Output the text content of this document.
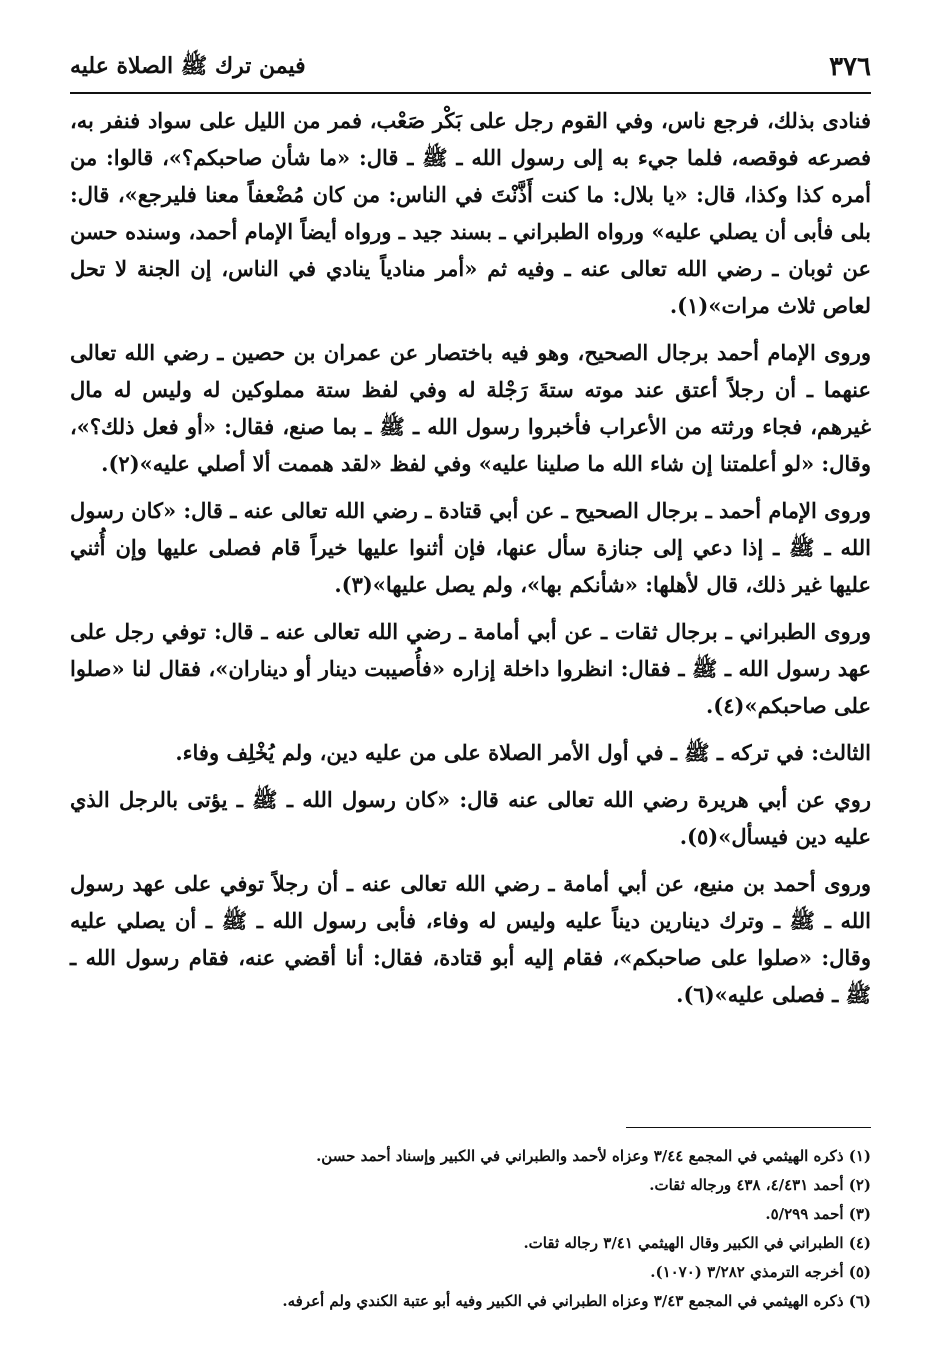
٣٧٦
فيمن ترك ﷺ الصلاة عليه

فنادى بذلك، فرجع ناس، وفي القوم رجل على بَكْر صَعْب، فمر من الليل على سواد فنفر به، فصرعه فوقصه، فلما جيء به إلى رسول الله ـ ﷺ ـ قال: «ما شأن صاحبكم؟»، قالوا: من أمره كذا وكذا، قال: «يا بلال: ما كنت أَذَّنْتَ في الناس: من كان مُضْعفاً معنا فليرجع»، قال: بلى فأبى أن يصلي عليه» ورواه الطبراني ـ بسند جيد ـ ورواه أيضاً الإمام أحمد، وسنده حسن عن ثوبان ـ رضي الله تعالى عنه ـ وفيه ثم «أمر منادياً ينادي في الناس، إن الجنة لا تحل لعاص ثلاث مرات»(١).

وروى الإمام أحمد برجال الصحيح، وهو فيه باختصار عن عمران بن حصين ـ رضي الله تعالى عنهما ـ أن رجلاً أعتق عند موته ستةَ رَجْلة له وفي لفظ ستة مملوكين له وليس له مال غيرهم، فجاء ورثته من الأعراب فأخبروا رسول الله ـ ﷺ ـ بما صنع، فقال: «أو فعل ذلك؟»، وقال: «لو أعلمتنا إن شاء الله ما صلينا عليه» وفي لفظ «لقد هممت ألا أصلي عليه»(٢).

وروى الإمام أحمد ـ برجال الصحيح ـ عن أبي قتادة ـ رضي الله تعالى عنه ـ قال: «كان رسول الله ـ ﷺ ـ إذا دعي إلى جنازة سأل عنها، فإن أثنوا عليها خيراً قام فصلى عليها وإن أُثني عليها غير ذلك، قال لأهلها: «شأنكم بها»، ولم يصل عليها»(٣).

وروى الطبراني ـ برجال ثقات ـ عن أبي أمامة ـ رضي الله تعالى عنه ـ قال: توفي رجل على عهد رسول الله ـ ﷺ ـ فقال: انظروا داخلة إزاره «فأُصيبت دينار أو ديناران»، فقال لنا «صلوا على صاحبكم»(٤).

الثالث: في تركه ـ ﷺ ـ في أول الأمر الصلاة على من عليه دين، ولم يُخْلِف وفاء.

روي عن أبي هريرة رضي الله تعالى عنه قال: «كان رسول الله ـ ﷺ ـ يؤتى بالرجل الذي عليه دين فيسأل»(٥).

وروى أحمد بن منيع، عن أبي أمامة ـ رضي الله تعالى عنه ـ أن رجلاً توفي على عهد رسول الله ـ ﷺ ـ وترك دينارين ديناً عليه وليس له وفاء، فأبى رسول الله ـ ﷺ ـ أن يصلي عليه وقال: «صلوا على صاحبكم»، فقام إليه أبو قتادة، فقال: أنا أقضي عنه، فقام رسول الله ـ ﷺ ـ فصلى عليه»(٦).

(١) ذكره الهيثمي في المجمع ٣/٤٤ وعزاه لأحمد والطبراني في الكبير وإسناد أحمد حسن.
(٢) أحمد ٤/٤٣١، ٤٣٨ ورجاله ثقات.
(٣) أحمد ٥/٢٩٩.
(٤) الطبراني في الكبير وقال الهيثمي ٣/٤١ رجاله ثقات.
(٥) أخرجه الترمذي ٣/٢٨٢ (١٠٧٠).
(٦) ذكره الهيثمي في المجمع ٣/٤٣ وعزاه الطبراني في الكبير وفيه أبو عتبة الكندي ولم أعرفه.
